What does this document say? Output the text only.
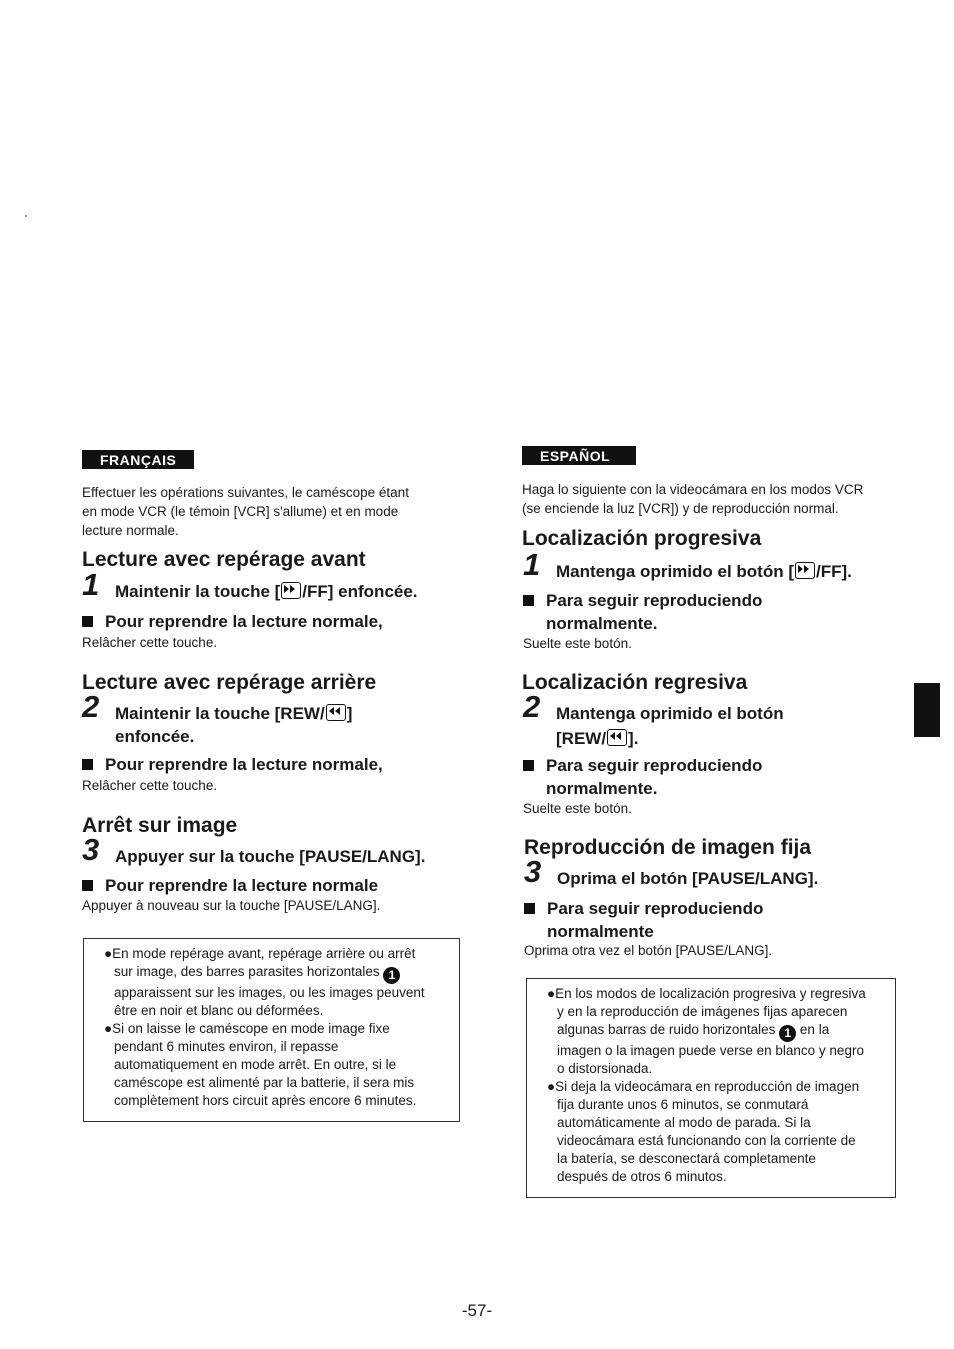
FRANÇAIS
Effectuer les opérations suivantes, le caméscope étant
en mode VCR (le témoin [VCR] s'allume) et en mode
lecture normale.
Lecture avec repérage avant
1 Maintenir la touche [ /FF] enfoncée.
Pour reprendre la lecture normale,
Relâcher cette touche.
Lecture avec repérage arrière
2 Maintenir la touche [REW/ ]
enfoncée.
Pour reprendre la lecture normale,
Relâcher cette touche.
Arrêt sur image
3 Appuyer sur la touche [PAUSE/LANG].
Pour reprendre la lecture normale
Appuyer à nouveau sur la touche [PAUSE/LANG].
●En mode repérage avant, repérage arrière ou arrêt
sur image, des barres parasites horizontales 1
apparaissent sur les images, ou les images peuvent
être en noir et blanc ou déformées.
●Si on laisse le caméscope en mode image fixe
pendant 6 minutes environ, il repasse
automatiquement en mode arrêt. En outre, si le
caméscope est alimenté par la batterie, il sera mis
complètement hors circuit après encore 6 minutes.
ESPAÑOL
Haga lo siguiente con la videocámara en los modos VCR
(se enciende la luz [VCR]) y de reproducción normal.
Localización progresiva
1 Mantenga oprimido el botón [ /FF].
Para seguir reproduciendo
normalmente.
Suelte este botón.
Localización regresiva
2 Mantenga oprimido el botón
[REW/ ].
Para seguir reproduciendo
normalmente.
Suelte este botón.
Reproducción de imagen fija
3 Oprima el botón [PAUSE/LANG].
Para seguir reproduciendo
normalmente
Oprima otra vez el botón [PAUSE/LANG].
●En los modos de localización progresiva y regresiva
y en la reproducción de imágenes fijas aparecen
algunas barras de ruido horizontales 1 en la
imagen o la imagen puede verse en blanco y negro
o distorsionada.
●Si deja la videocámara en reproducción de imagen
fija durante unos 6 minutos, se conmutará
automáticamente al modo de parada. Si la
videocámara está funcionando con la corriente de
la batería, se desconectará completamente
después de otros 6 minutos.
-57-
